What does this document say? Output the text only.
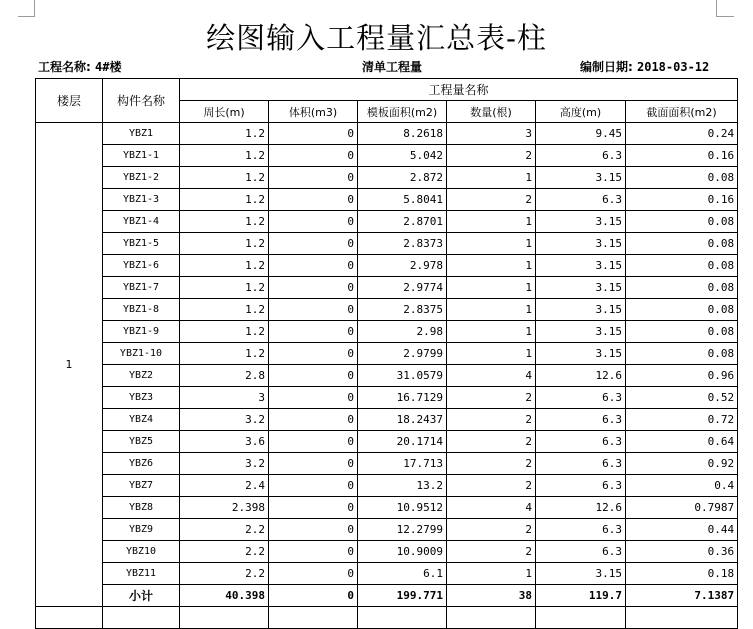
绘图输入工程量汇总表-柱
工程名称: 4#楼	清单工程量	编制日期: 2018-03-12
楼层	构件名称	工程量名称					
		周长(m)	体积(m3)	模板面积(m2)	数量(根)	高度(m)	截面面积(m2)
1	YBZ1	1.2	0	8.2618	3	9.45	0.24
	YBZ1-1	1.2	0	5.042	2	6.3	0.16
	YBZ1-2	1.2	0	2.872	1	3.15	0.08
	YBZ1-3	1.2	0	5.8041	2	6.3	0.16
	YBZ1-4	1.2	0	2.8701	1	3.15	0.08
	YBZ1-5	1.2	0	2.8373	1	3.15	0.08
	YBZ1-6	1.2	0	2.978	1	3.15	0.08
	YBZ1-7	1.2	0	2.9774	1	3.15	0.08
	YBZ1-8	1.2	0	2.8375	1	3.15	0.08
	YBZ1-9	1.2	0	2.98	1	3.15	0.08
	YBZ1-10	1.2	0	2.9799	1	3.15	0.08
	YBZ2	2.8	0	31.0579	4	12.6	0.96
	YBZ3	3	0	16.7129	2	6.3	0.52
	YBZ4	3.2	0	18.2437	2	6.3	0.72
	YBZ5	3.6	0	20.1714	2	6.3	0.64
	YBZ6	3.2	0	17.713	2	6.3	0.92
	YBZ7	2.4	0	13.2	2	6.3	0.4
	YBZ8	2.398	0	10.9512	4	12.6	0.7987
	YBZ9	2.2	0	12.2799	2	6.3	0.44
	YBZ10	2.2	0	10.9009	2	6.3	0.36
	YBZ11	2.2	0	6.1	1	3.15	0.18
	小计	40.398	0	199.771	38	119.7	7.1387
